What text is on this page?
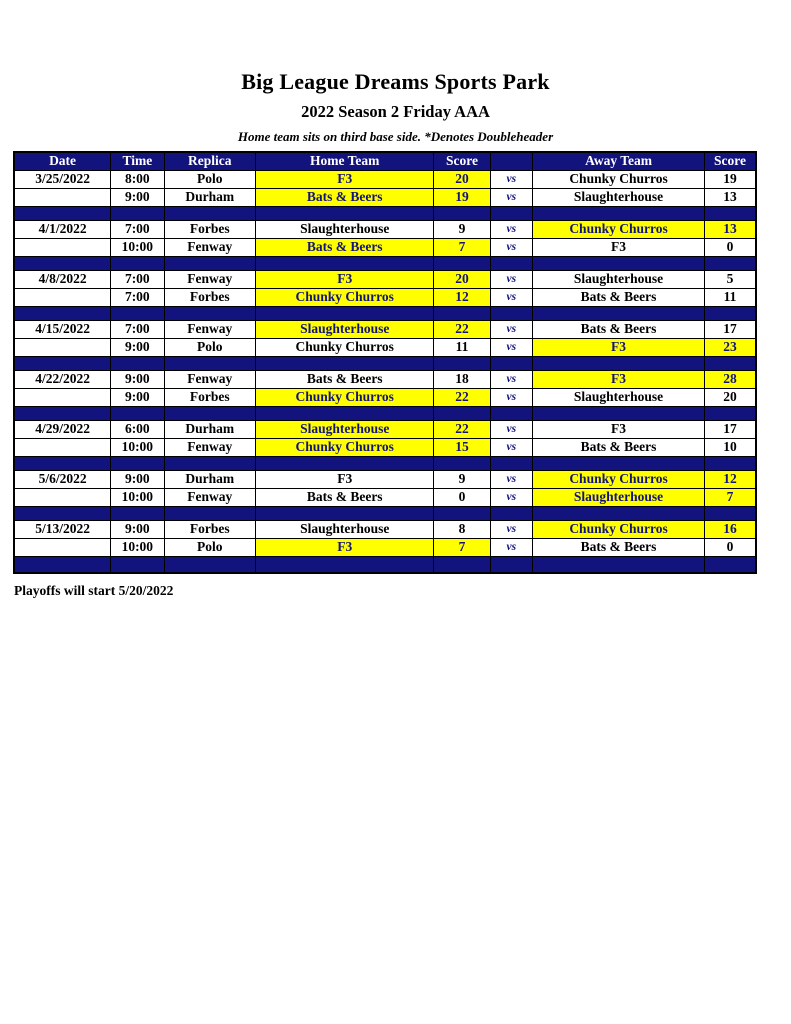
Big League Dreams Sports Park
2022 Season 2 Friday AAA
Home team sits on third base side. *Denotes Doubleheader
Date	Time	Replica	Home Team	Score		Away Team	Score
3/25/2022	8:00	Polo	F3	20	vs	Chunky Churros	19
	9:00	Durham	Bats & Beers	19	vs	Slaughterhouse	13

4/1/2022	7:00	Forbes	Slaughterhouse	9	vs	Chunky Churros	13
	10:00	Fenway	Bats & Beers	7	vs	F3	0

4/8/2022	7:00	Fenway	F3	20	vs	Slaughterhouse	5
	7:00	Forbes	Chunky Churros	12	vs	Bats & Beers	11

4/15/2022	7:00	Fenway	Slaughterhouse	22	vs	Bats & Beers	17
	9:00	Polo	Chunky Churros	11	vs	F3	23

4/22/2022	9:00	Fenway	Bats & Beers	18	vs	F3	28
	9:00	Forbes	Chunky Churros	22	vs	Slaughterhouse	20

4/29/2022	6:00	Durham	Slaughterhouse	22	vs	F3	17
	10:00	Fenway	Chunky Churros	15	vs	Bats & Beers	10

5/6/2022	9:00	Durham	F3	9	vs	Chunky Churros	12
	10:00	Fenway	Bats & Beers	0	vs	Slaughterhouse	7

5/13/2022	9:00	Forbes	Slaughterhouse	8	vs	Chunky Churros	16
	10:00	Polo	F3	7	vs	Bats & Beers	0

Playoffs will start 5/20/2022
